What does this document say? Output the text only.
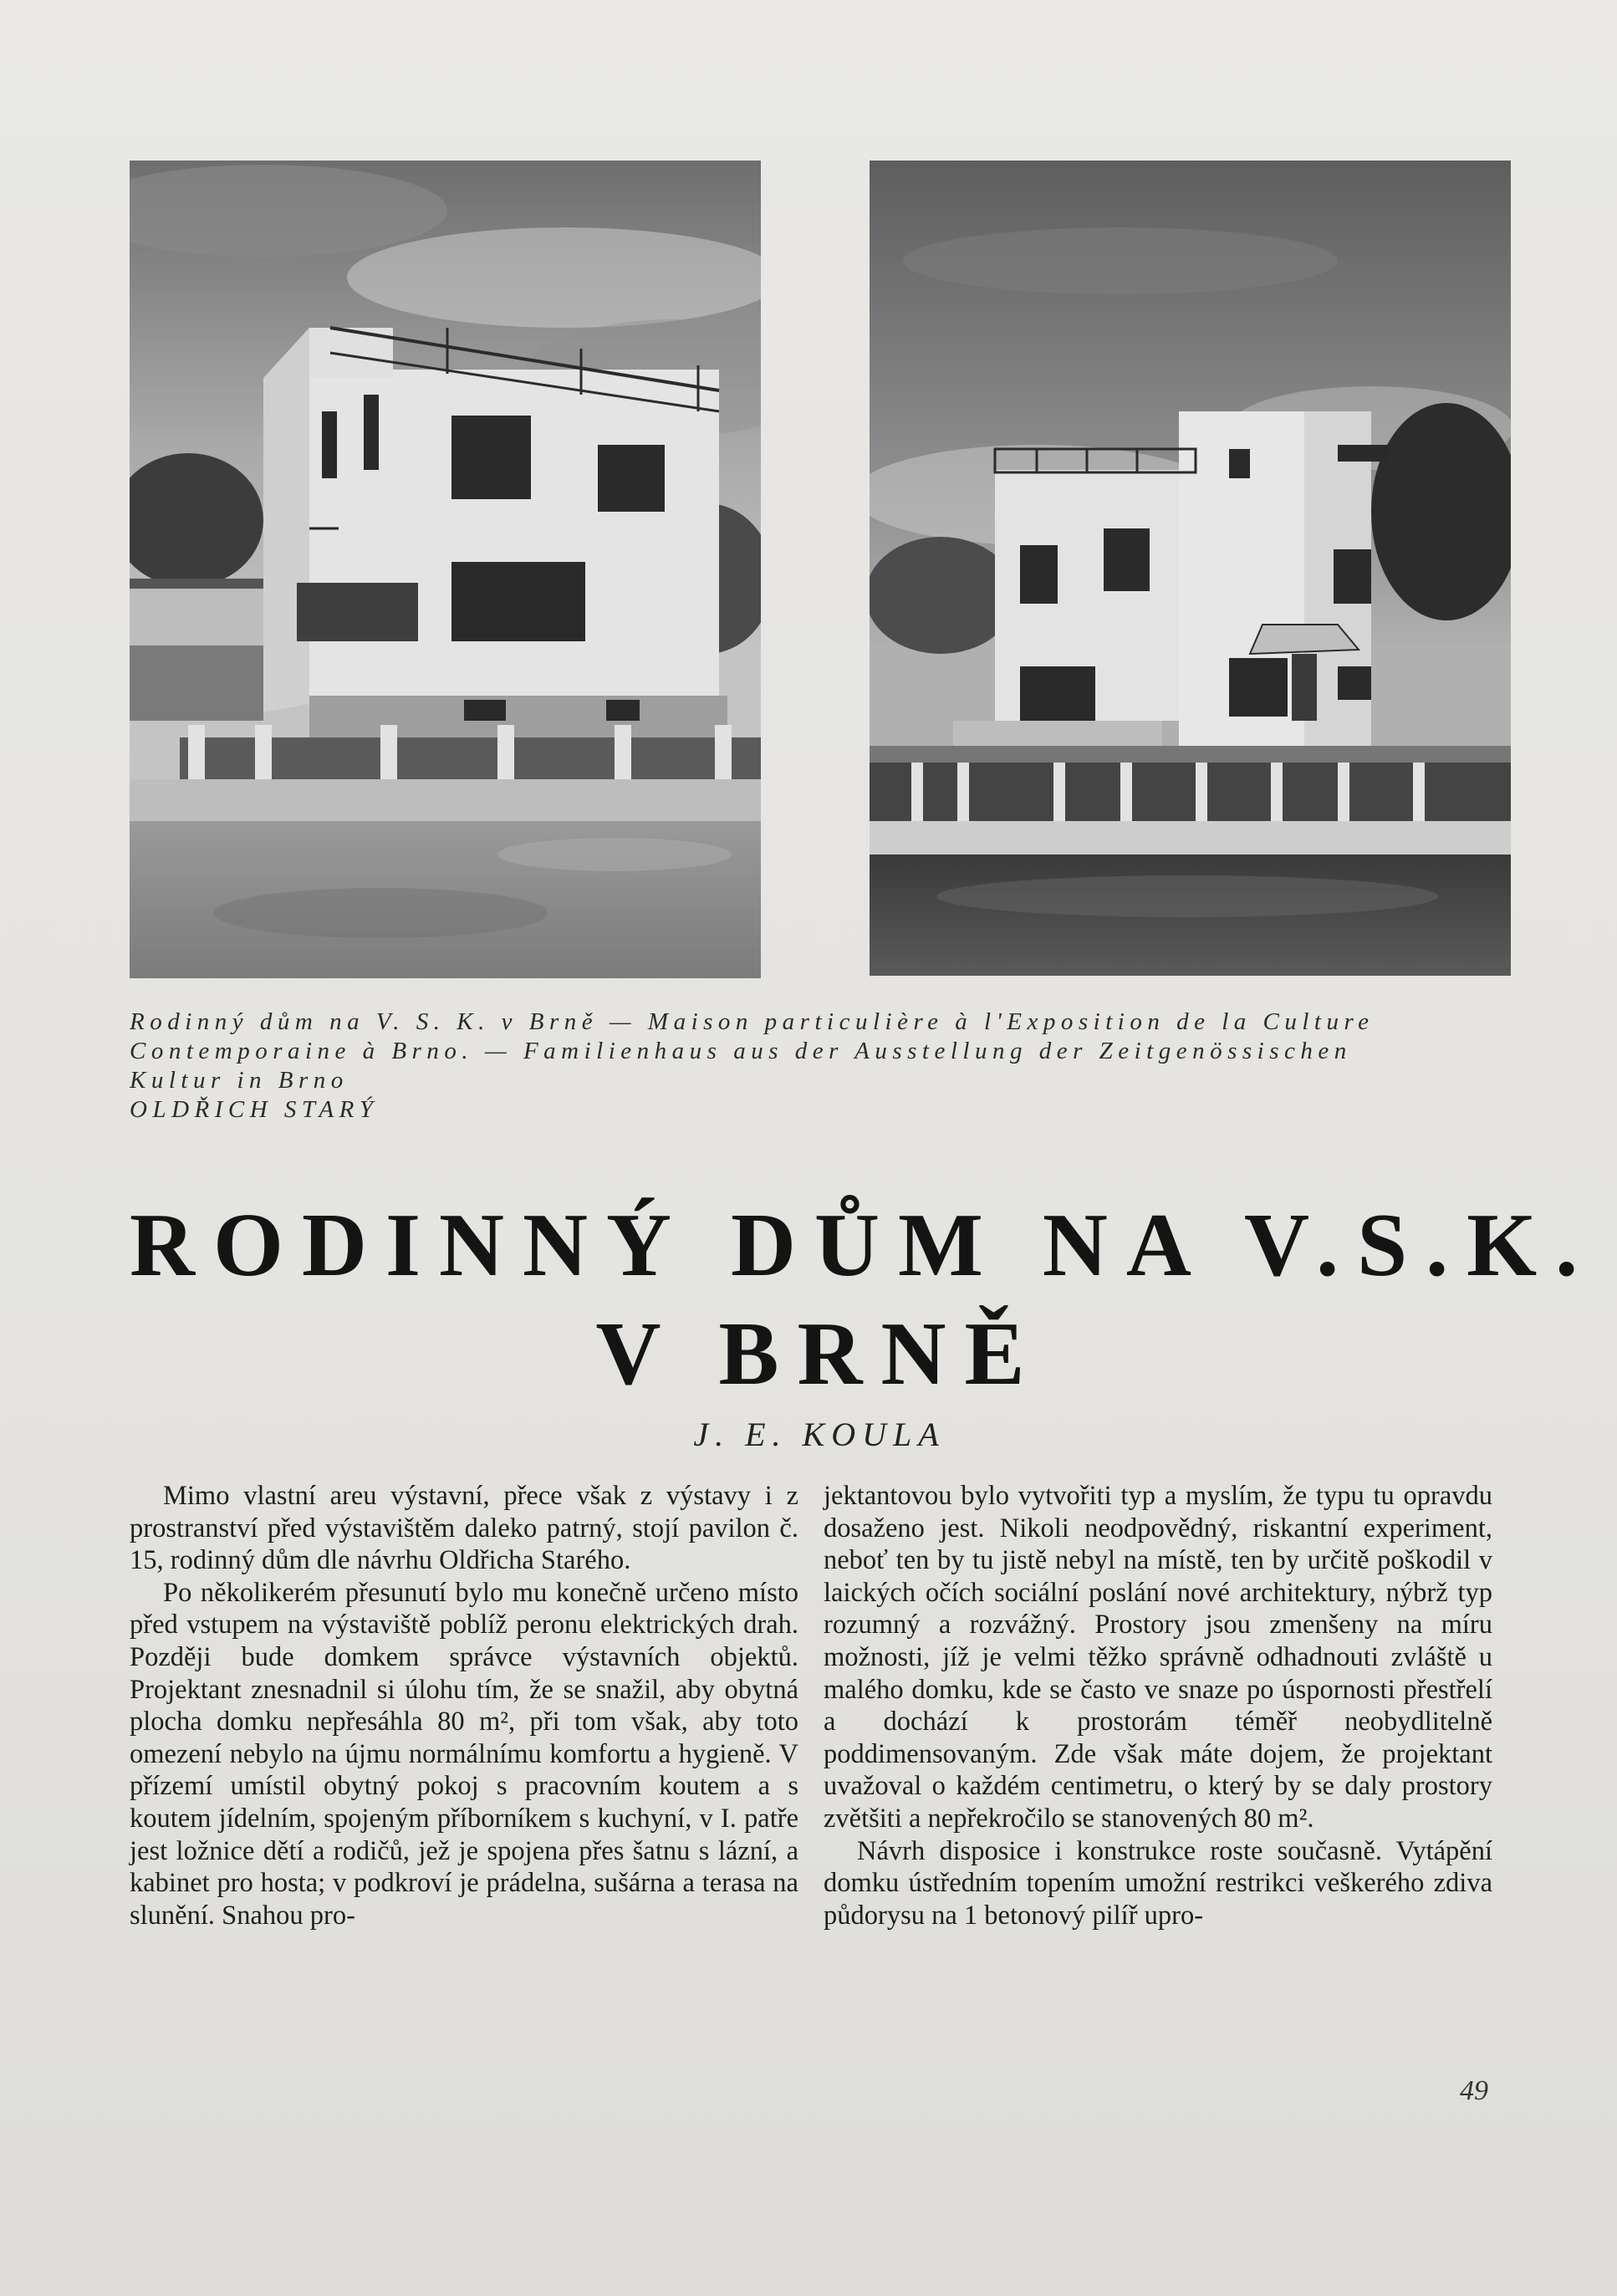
Rodinný dům na V. S. K. v Brně — Maison particulière à l'Exposition de la Culture
Contemporaine à Brno. — Familienhaus aus der Ausstellung der Zeitgenössischen
Kultur in Brno
OLDŘICH STARÝ
RODINNÝ DŮM NA V.S.K.
V BRNĚ
J. E. KOULA

Mimo vlastní areu výstavní, přece však z výstavy i z prostranství před výstavištěm daleko patrný, stojí pavilon č. 15, rodinný dům dle návrhu Oldřicha Starého.

Po několikerém přesunutí bylo mu konečně určeno místo před vstupem na výstaviště poblíž peronu elektrických drah. Později bude domkem správce výstavních objektů. Projektant znesnadnil si úlohu tím, že se snažil, aby obytná plocha domku nepřesáhla 80 m², při tom však, aby toto omezení nebylo na újmu normálnímu komfortu a hygieně. V přízemí umístil obytný pokoj s pracovním koutem a s koutem jídelním, spojeným příborníkem s kuchyní, v I. patře jest ložnice dětí a rodičů, jež je spojena přes šatnu s lázní, a kabinet pro hosta; v podkroví je prádelna, sušárna a terasa na slunění. Snahou pro-

jektantovou bylo vytvořiti typ a myslím, že typu tu opravdu dosaženo jest. Nikoli neodpovědný, riskantní experiment, neboť ten by tu jistě nebyl na místě, ten by určitě poškodil v laických očích sociální poslání nové architektury, nýbrž typ rozumný a rozvážný. Prostory jsou zmenšeny na míru možnosti, jíž je velmi těžko správně odhadnouti zvláště u malého domku, kde se často ve snaze po úspornosti přestřelí a dochází k prostorám téměř neobydlitelně poddimensovaným. Zde však máte dojem, že projektant uvažoval o každém centimetru, o který by se daly prostory zvětšiti a nepřekročilo se stanovených 80 m².

Návrh disposice i konstrukce roste současně. Vytápění domku ústředním topením umožní restrikci veškerého zdiva půdorysu na 1 betonový pilíř upro-

49
